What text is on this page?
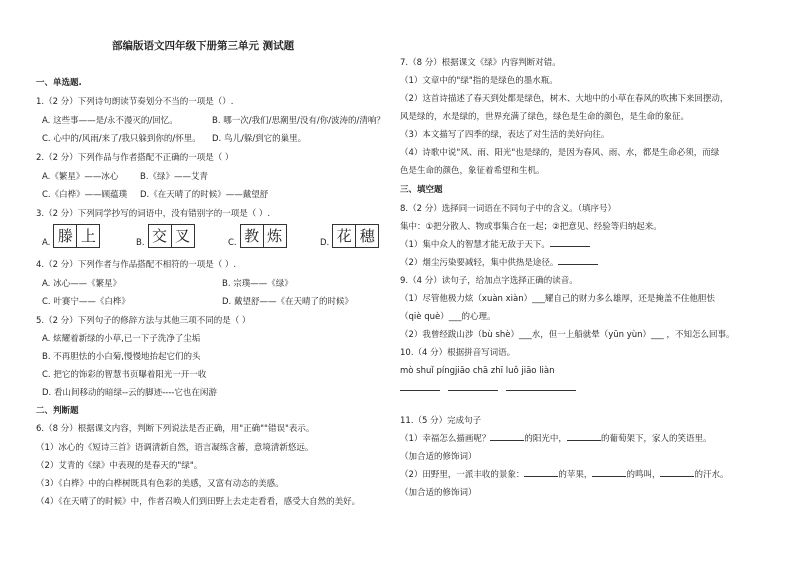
部编版语文四年级下册第三单元 测试题
一、单选题.
1.（2 分）下列诗句朗读节奏划分不当的一项是（）.
A. 这些事——是/永不漫灭的/回忆。	B. 哪一次/我们/思潮里/没有/你/波涛的/清响？
C. 心中的/风雨/来了/我只躲到你的/怀里。 D. 鸟儿/躲/到它的巢里。
2.（2 分）下列作品与作者搭配不正确的一项是（ ）
A.《繁星》——冰心	B.《绿》——艾青
C.《白桦》——顾蕴璞 D.《在天晴了的时候》——戴望舒
3.（2 分）下列同学抄写的词语中，没有错别字的一项是（ ）.
A. 滕 上	B. 交 叉	C. 教 炼	D. 花 穗
4.（2 分）下列作者与作品搭配不相符的一项是（ ）.
A. 冰心——《繁星》	B. 宗璞——《绿》
C. 叶赛宁——《白桦》	D. 戴望舒——《在天晴了的时候》
5.（2 分）下列句子的修辞方法与其他三项不同的是（ ）
A. 炫耀着新绿的小草,已一下子洗净了尘垢
B. 不再胆怯的小白菊,慢慢地抬起它们的头
C. 把它的饰彩的智慧书页曝着阳光一开一收
D. 看山间移动的暗绿--云的脚迹----它也在闲游
二、判断题
6.（8 分）根据课文内容，判断下列说法是否正确，用"正确""错误"表示。
（1）冰心的《短诗三首》语调清新自然，语言凝练含蓄，意境清新悠远。
（2）艾青的《绿》中表现的是春天的"绿"。
（3）《白桦》中的白桦树既具有色彩的美感，又富有动态的美感。
（4）《在天晴了的时候》中，作者召唤人们到田野上去走走看看，感受大自然的美好。
7.（8 分）根据课文《绿》内容判断对错。
（1）文章中的"绿"指的是绿色的墨水瓶。
（2）这首诗描述了春天到处都是绿色，树木、大地中的小草在春风的吹拂下来回摆动，
风是绿的，水是绿的，世界充满了绿色，绿色是生命的颜色，是生命的象征。
（3）本文描写了四季的绿，表达了对生活的美好向往。
（4）诗歌中说"风、雨、阳光"也是绿的，是因为春风、雨、水，都是生命必须，而绿
色是生命的颜色，象征着希望和生机。
三、填空题
8.（2 分）选择同一词语在不同句子中的含义。（填序号）
集中：①把分散人、物或事集合在一起；②把意见、经验等归纳起来。
（1）集中众人的智慧才能无敌于天下。
（2）烟尘污染要减轻，集中供热是途径。
9.（4 分）读句子，给加点字选择正确的读音。
（1）尽管他极力炫（xuàn xiàn）___耀自己的财力多么雄厚，还是掩盖不住他胆怯
（qiè què）___的心理。
（2）我曾经跋山涉（bù shè）___水，但一上船就晕（yūn yùn）___ ，不知怎么回事。
10.（4 分）根据拼音写词语。
mò shuǐ píngjiāo chā zhī luǒ jiāo liàn

11.（5 分）完成句子
（1）幸福怎么描画呢？	的阳光中，	的葡萄架下，家人的笑语里。
（加合适的修饰词）
（2）田野里，一派丰收的景象：	的苹果，	的鸣叫，	的汗水。
（加合适的修饰词）
